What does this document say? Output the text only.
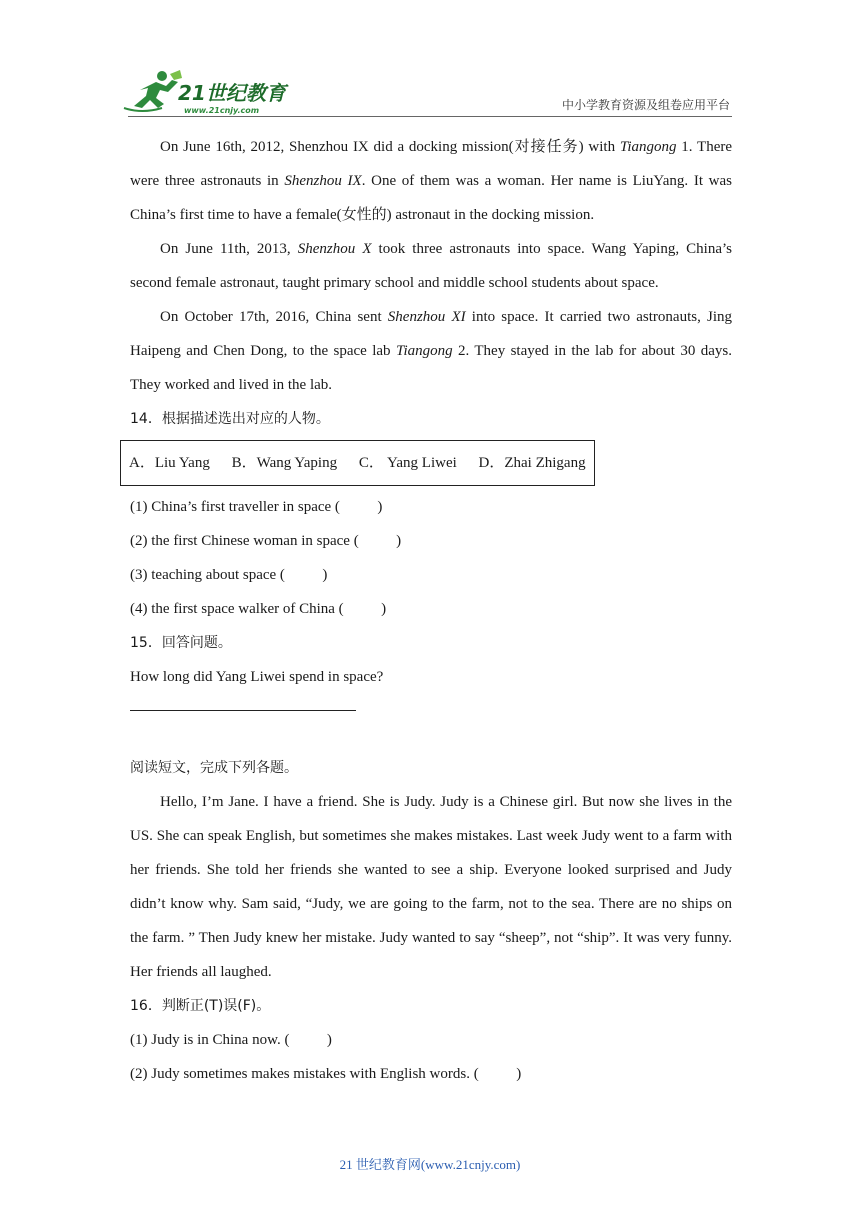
21世纪教育
www.21cnjy.com	中小学教育资源及组卷应用平台

On June 16th, 2012, Shenzhou IX did a docking mission(对接任务) with Tiangong 1. There were three astronauts in Shenzhou IX. One of them was a woman. Her name is LiuYang. It was China’s first time to have a female(女性的) astronaut in the docking mission.

On June 11th, 2013, Shenzhou X took three astronauts into space. Wang Yaping, China’s second female astronaut, taught primary school and middle school students about space.

On October 17th, 2016, China sent Shenzhou XI into space. It carried two astronauts, Jing Haipeng and Chen Dong, to the space lab Tiangong 2. They stayed in the lab for about 30 days. They worked and lived in the lab.

14．根据描述选出对应的人物。

A．Liu Yang B．Wang Yaping C． Yang Liwei D．Zhai Zhigang

(1) China’s first traveller in space (          )

(2) the first Chinese woman in space (          )

(3) teaching about space (          )

(4) the first space walker of China (          )

15．回答问题。

How long did Yang Liwei spend in space?

阅读短文，完成下列各题。

Hello, I’m Jane. I have a friend. She is Judy. Judy is a Chinese girl. But now she lives in the US. She can speak English, but sometimes she makes mistakes. Last week Judy went to a farm with her friends. She told her friends she wanted to see a ship. Everyone looked surprised and Judy didn’t know why. Sam said, “Judy, we are going to the farm, not to the sea. There are no ships on the farm. ” Then Judy knew her mistake. Judy wanted to say “sheep”, not “ship”. It was very funny. Her friends all laughed.

16．判断正(T)误(F)。

(1) Judy is in China now. (          )

(2) Judy sometimes makes mistakes with English words. (          )

21 世纪教育网(www.21cnjy.com)
